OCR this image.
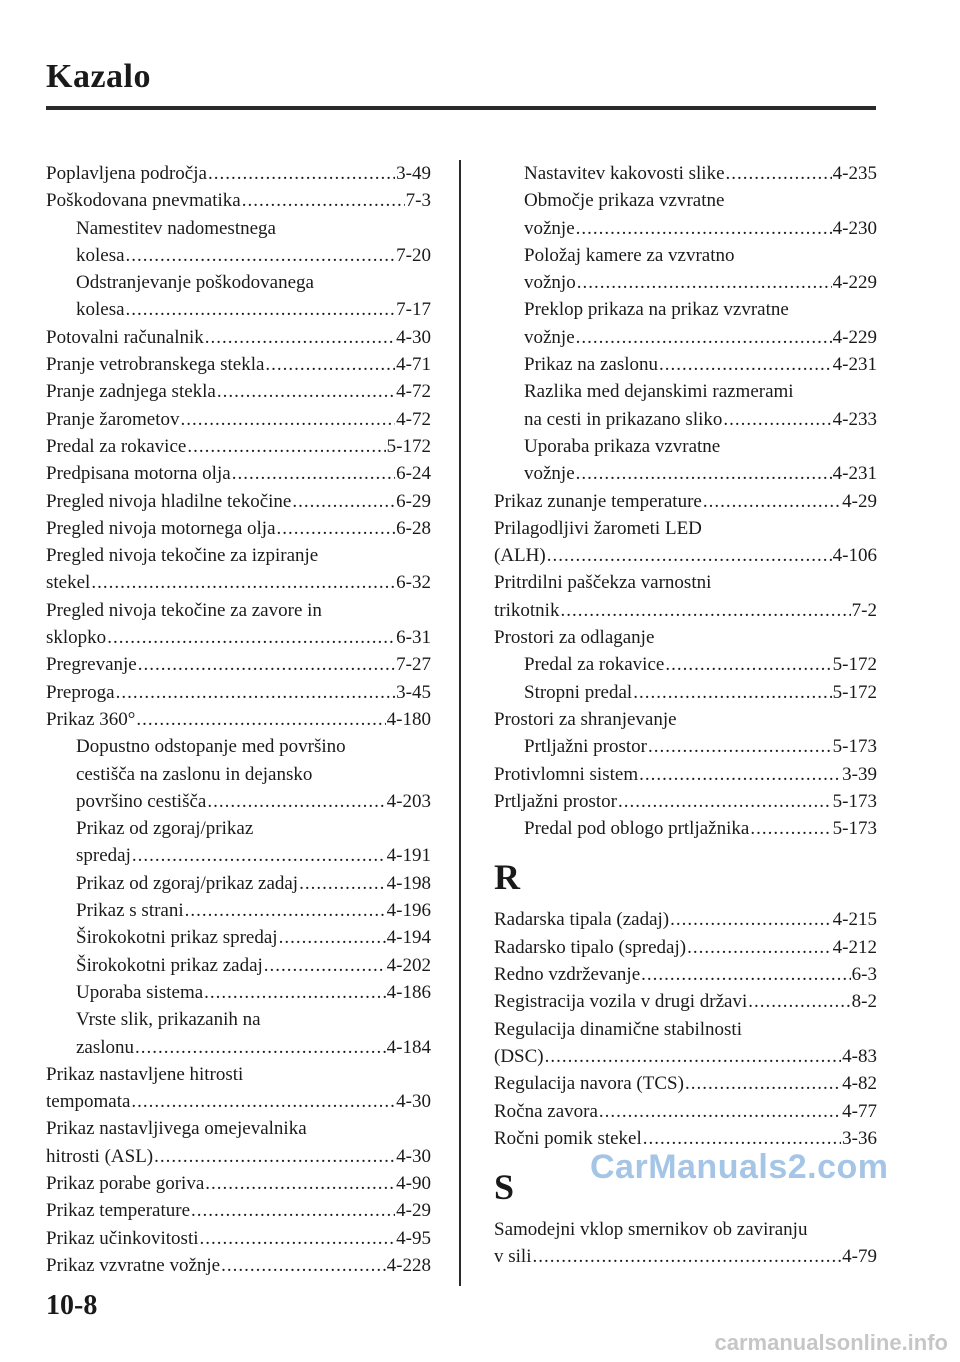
Kazalo
Poplavljena področja .....	3-49
Poškodovana pnevmatika .....	7-3
Namestitev nadomestnega
kolesa .....	7-20
Odstranjevanje poškodovanega
kolesa .....	7-17
Potovalni računalnik .....	4-30
Pranje vetrobranskega stekla .....	4-71
Pranje zadnjega stekla .....	4-72
Pranje žarometov .....	4-72
Predal za rokavice .....	5-172
Predpisana motorna olja .....	6-24
Pregled nivoja hladilne tekočine .....	6-29
Pregled nivoja motornega olja .....	6-28
Pregled nivoja tekočine za izpiranje
stekel .....	6-32
Pregled nivoja tekočine za zavore in
sklopko .....	6-31
Pregrevanje .....	7-27
Preproga .....	3-45
Prikaz 360° .....	4-180
Dopustno odstopanje med površino
cestišča na zaslonu in dejansko
površino cestišča .....	4-203
Prikaz od zgoraj/prikaz
spredaj .....	4-191
Prikaz od zgoraj/prikaz zadaj .....	4-198
Prikaz s strani .....	4-196
Širokokotni prikaz spredaj .....	4-194
Širokokotni prikaz zadaj .....	4-202
Uporaba sistema .....	4-186
Vrste slik, prikazanih na
zaslonu .....	4-184
Prikaz nastavljene hitrosti
tempomata .....	4-30
Prikaz nastavljivega omejevalnika
hitrosti (ASL) .....	4-30
Prikaz porabe goriva .....	4-90
Prikaz temperature .....	4-29
Prikaz učinkovitosti .....	4-95
Prikaz vzvratne vožnje .....	4-228
Nastavitev kakovosti slike .....	4-235
Območje prikaza vzvratne
vožnje .....	4-230
Položaj kamere za vzvratno
vožnjo .....	4-229
Preklop prikaza na prikaz vzvratne
vožnje .....	4-229
Prikaz na zaslonu .....	4-231
Razlika med dejanskimi razmerami
na cesti in prikazano sliko .....	4-233
Uporaba prikaza vzvratne
vožnje .....	4-231
Prikaz zunanje temperature .....	4-29
Prilagodljivi žarometi LED
(ALH) .....	4-106
Pritrdilni paščekza varnostni
trikotnik .....	7-2
Prostori za odlaganje
Predal za rokavice .....	5-172
Stropni predal .....	5-172
Prostori za shranjevanje
Prtljažni prostor .....	5-173
Protivlomni sistem .....	3-39
Prtljažni prostor .....	5-173
Predal pod oblogo prtljažnika .....	5-173
R
Radarska tipala (zadaj) .....	4-215
Radarsko tipalo (spredaj) .....	4-212
Redno vzdrževanje .....	6-3
Registracija vozila v drugi državi .....	8-2
Regulacija dinamične stabilnosti
(DSC) .....	4-83
Regulacija navora (TCS) .....	4-82
Ročna zavora .....	4-77
Ročni pomik stekel .....	3-36
S
Samodejni vklop smernikov ob zaviranju
v sili .....	4-79
10-8
CarManuals2.com
carmanualsonline.info
